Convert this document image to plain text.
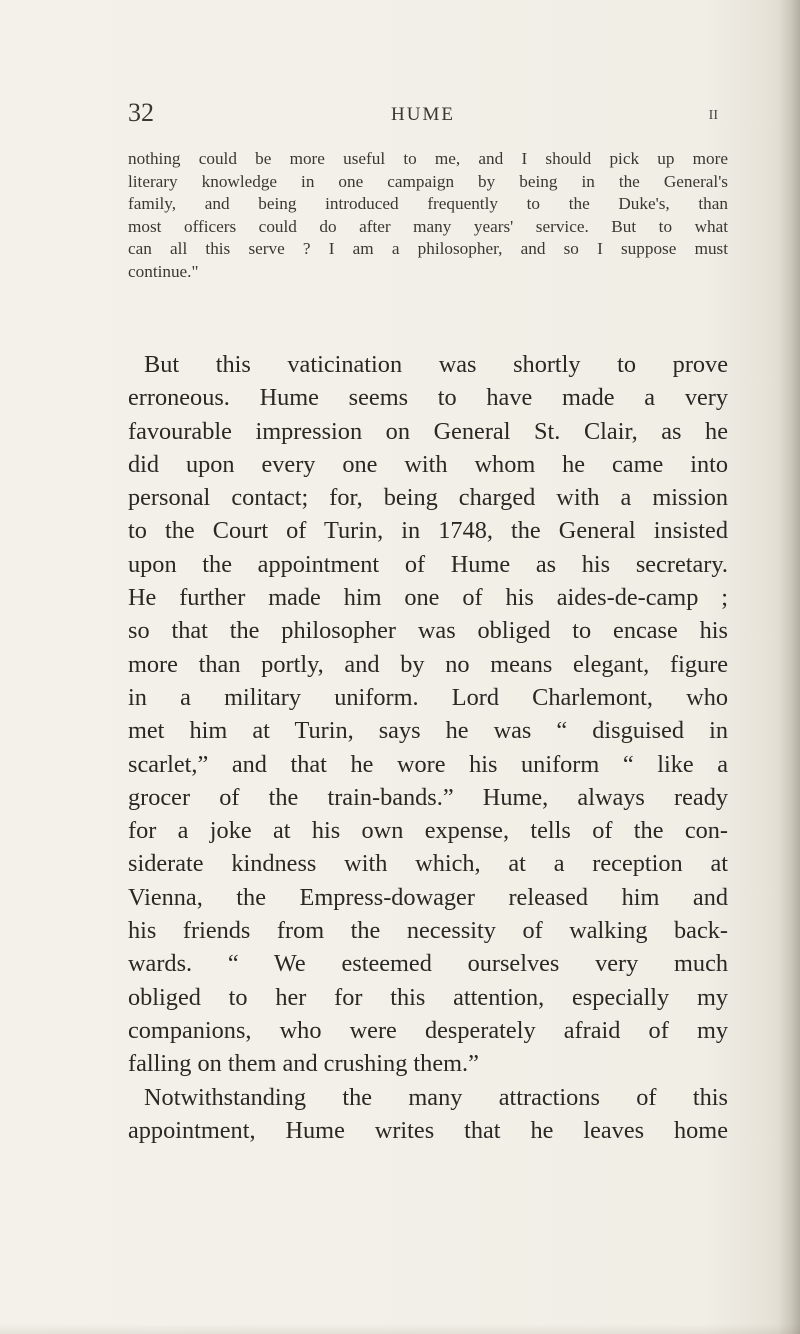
32	HUME	II
nothing could be more useful to me, and I should pick up more
literary knowledge in one campaign by being in the General's
family, and being introduced frequently to the Duke's, than
most officers could do after many years' service. But to what
can all this serve ? I am a philosopher, and so I suppose must
continue."
But this vaticination was shortly to prove
erroneous. Hume seems to have made a very
favourable impression on General St. Clair, as he
did upon every one with whom he came into
personal contact; for, being charged with a mission
to the Court of Turin, in 1748, the General insisted
upon the appointment of Hume as his secretary.
He further made him one of his aides-de-camp ;
so that the philosopher was obliged to encase his
more than portly, and by no means elegant, figure
in a military uniform. Lord Charlemont, who
met him at Turin, says he was “ disguised in
scarlet,” and that he wore his uniform “ like a
grocer of the train-bands.” Hume, always ready
for a joke at his own expense, tells of the con-
siderate kindness with which, at a reception at
Vienna, the Empress-dowager released him and
his friends from the necessity of walking back-
wards. “ We esteemed ourselves very much
obliged to her for this attention, especially my
companions, who were desperately afraid of my
falling on them and crushing them.”
Notwithstanding the many attractions of this
appointment, Hume writes that he leaves home
